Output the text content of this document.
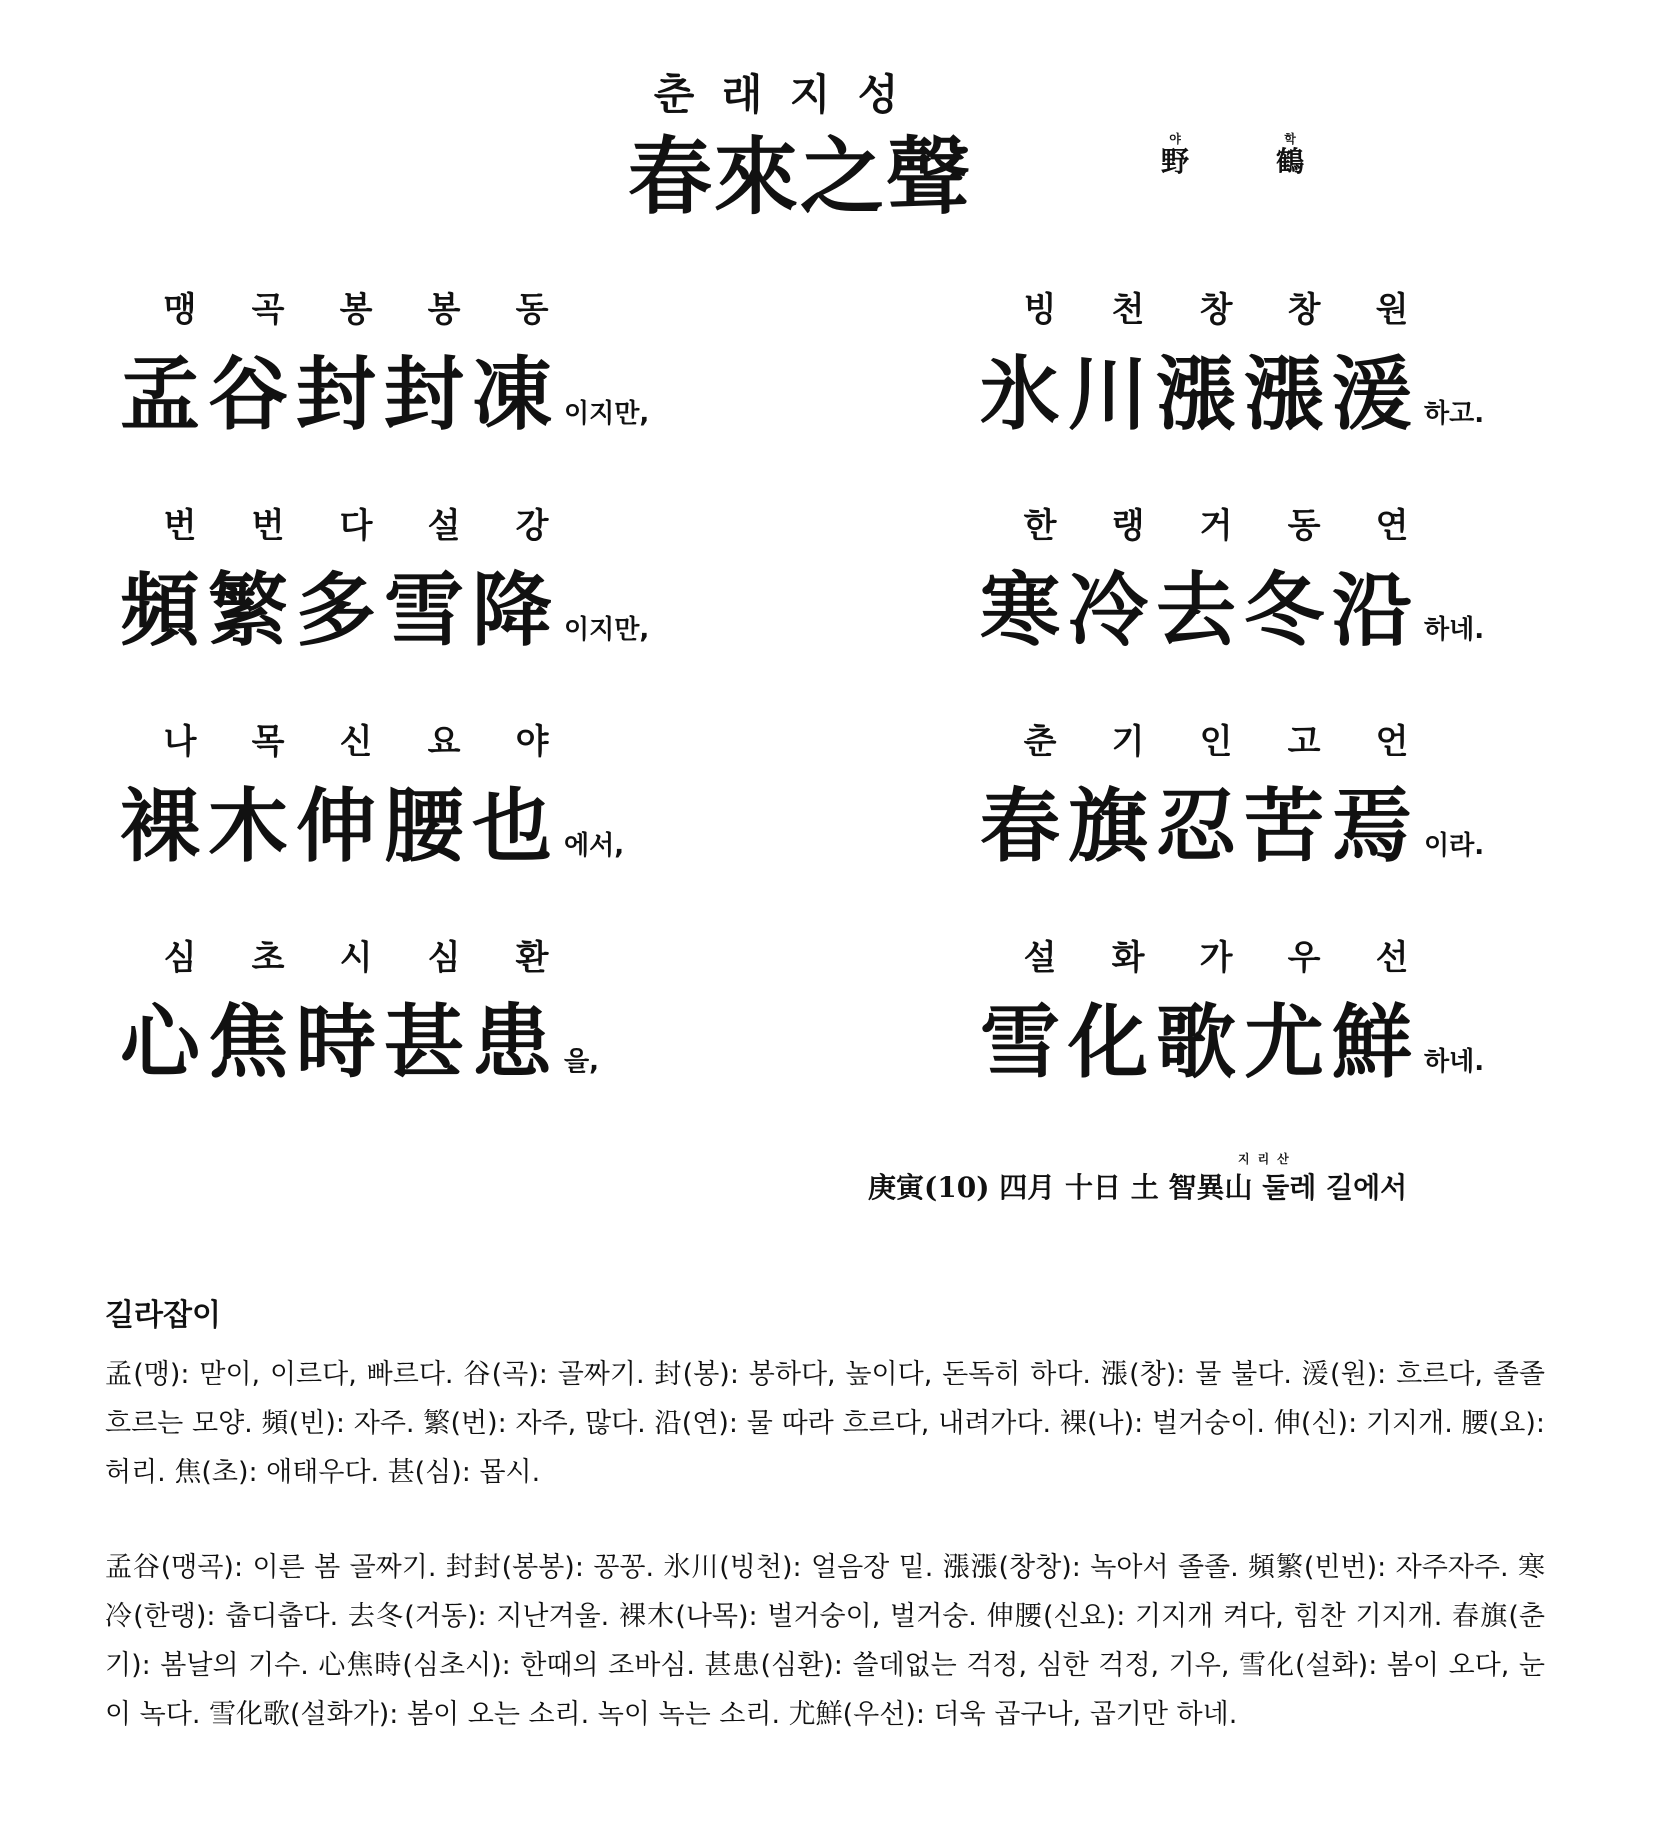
춘 래 지 성
春來之聲	야
野

학
鶴
맹	곡	봉	봉	동
孟谷封封凍 이지만,
빙	천	창	창	원
氷川漲漲湲 하고.
번	번	다	설	강
頻繁多雪降 이지만,
한	랭	거	동	연
寒冷去冬沿 하네.
나	목	신	요	야
裸木伸腰也 에서,
춘	기	인	고	언
春旗忍苦焉 이라.
심	초	시	심	환
心焦時甚患 을,
설	화	가	우	선
雪化歌尤鮮 하네.
지리산
庚寅(10) 四月 十日 土 智異山 둘레 길에서
길라잡이
孟(맹): 맏이, 이르다, 빠르다. 谷(곡): 골짜기. 封(봉): 봉하다, 높이다, 돈독히 하다. 漲(창): 물 불다. 湲(원): 흐르다, 졸졸 흐르는 모양. 頻(빈): 자주. 繁(번): 자주, 많다. 沿(연): 물 따라 흐르다, 내려가다. 裸(나): 벌거숭이. 伸(신): 기지개. 腰(요): 허리. 焦(초): 애태우다. 甚(심): 몹시.
孟谷(맹곡): 이른 봄 골짜기. 封封(봉봉): 꽁꽁. 氷川(빙천): 얼음장 밑. 漲漲(창창): 녹아서 졸졸. 頻繁(빈번): 자주자주. 寒冷(한랭): 춥디춥다. 去冬(거동): 지난겨울. 裸木(나목): 벌거숭이, 벌거숭. 伸腰(신요): 기지개 켜다, 힘찬 기지개. 春旗(춘기): 봄날의 기수. 心焦時(심초시): 한때의 조바심. 甚患(심환): 쓸데없는 걱정, 심한 걱정, 기우, 雪化(설화): 봄이 오다, 눈이 녹다. 雪化歌(설화가): 봄이 오는 소리. 녹이 녹는 소리. 尤鮮(우선): 더욱 곱구나, 곱기만 하네.
